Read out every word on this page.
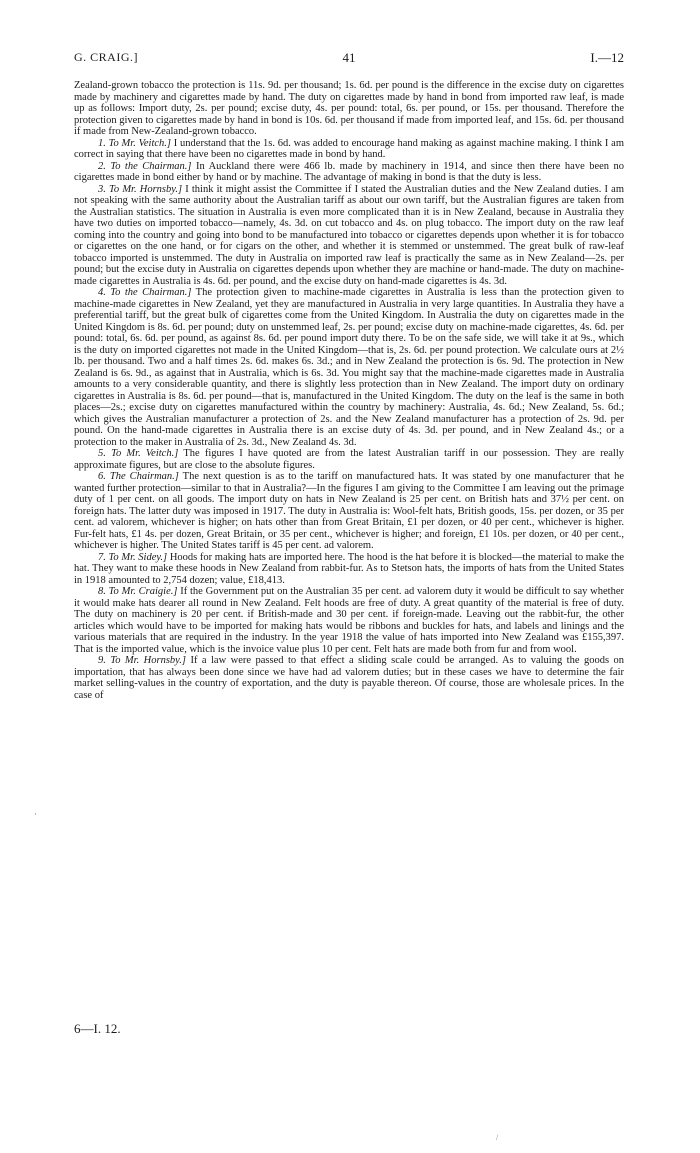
G. CRAIG.]	41	I.—12

Zealand-grown tobacco the protection is 11s. 9d. per thousand; 1s. 6d. per pound is the difference in the excise duty on cigarettes made by machinery and cigarettes made by hand. The duty on cigarettes made by hand in bond from imported raw leaf, is made up as follows: Import duty, 2s. per pound; excise duty, 4s. per pound: total, 6s. per pound, or 15s. per thousand. Therefore the protection given to cigarettes made by hand in bond is 10s. 6d. per thousand if made from imported leaf, and 15s. 6d. per thousand if made from New-Zealand-grown tobacco.

1. To Mr. Veitch.] I understand that the 1s. 6d. was added to encourage hand making as against machine making. I think I am correct in saying that there have been no cigarettes made in bond by hand.

2. To the Chairman.] In Auckland there were 466 lb. made by machinery in 1914, and since then there have been no cigarettes made in bond either by hand or by machine. The advantage of making in bond is that the duty is less.

3. To Mr. Hornsby.] I think it might assist the Committee if I stated the Australian duties and the New Zealand duties. I am not speaking with the same authority about the Australian tariff as about our own tariff, but the Australian figures are taken from the Australian statistics. The situation in Australia is even more complicated than it is in New Zealand, because in Australia they have two duties on imported tobacco—namely, 4s. 3d. on cut tobacco and 4s. on plug tobacco. The import duty on the raw leaf coming into the country and going into bond to be manufactured into tobacco or cigarettes depends upon whether it is for tobacco or cigarettes on the one hand, or for cigars on the other, and whether it is stemmed or unstemmed. The great bulk of raw-leaf tobacco imported is unstemmed. The duty in Australia on imported raw leaf is practically the same as in New Zealand—2s. per pound; but the excise duty in Australia on cigarettes depends upon whether they are machine or hand-made. The duty on machine-made cigarettes in Australia is 4s. 6d. per pound, and the excise duty on hand-made cigarettes is 4s. 3d.

4. To the Chairman.] The protection given to machine-made cigarettes in Australia is less than the protection given to machine-made cigarettes in New Zealand, yet they are manufactured in Australia in very large quantities. In Australia they have a preferential tariff, but the great bulk of cigarettes come from the United Kingdom. In Australia the duty on cigarettes made in the United Kingdom is 8s. 6d. per pound; duty on unstemmed leaf, 2s. per pound; excise duty on machine-made cigarettes, 4s. 6d. per pound: total, 6s. 6d. per pound, as against 8s. 6d. per pound import duty there. To be on the safe side, we will take it at 9s., which is the duty on imported cigarettes not made in the United Kingdom—that is, 2s. 6d. per pound protection. We calculate ours at 2½ lb. per thousand. Two and a half times 2s. 6d. makes 6s. 3d.; and in New Zealand the protection is 6s. 9d. The protection in New Zealand is 6s. 9d., as against that in Australia, which is 6s. 3d. You might say that the machine-made cigarettes made in Australia amounts to a very considerable quantity, and there is slightly less protection than in New Zealand. The import duty on ordinary cigarettes in Australia is 8s. 6d. per pound—that is, manufactured in the United Kingdom. The duty on the leaf is the same in both places—2s.; excise duty on cigarettes manufactured within the country by machinery: Australia, 4s. 6d.; New Zealand, 5s. 6d.; which gives the Australian manufacturer a protection of 2s. and the New Zealand manufacturer has a protection of 2s. 9d. per pound. On the hand-made cigarettes in Australia there is an excise duty of 4s. 3d. per pound, and in New Zealand 4s.; or a protection to the maker in Australia of 2s. 3d., New Zealand 4s. 3d.

5. To Mr. Veitch.] The figures I have quoted are from the latest Australian tariff in our possession. They are really approximate figures, but are close to the absolute figures.

6. The Chairman.] The next question is as to the tariff on manufactured hats. It was stated by one manufacturer that he wanted further protection—similar to that in Australia?—In the figures I am giving to the Committee I am leaving out the primage duty of 1 per cent. on all goods. The import duty on hats in New Zealand is 25 per cent. on British hats and 37½ per cent. on foreign hats. The latter duty was imposed in 1917. The duty in Australia is: Wool-felt hats, British goods, 15s. per dozen, or 35 per cent. ad valorem, whichever is higher; on hats other than from Great Britain, £1 per dozen, or 40 per cent., whichever is higher. Fur-felt hats, £1 4s. per dozen, Great Britain, or 35 per cent., whichever is higher; and foreign, £1 10s. per dozen, or 40 per cent., whichever is higher. The United States tariff is 45 per cent. ad valorem.

7. To Mr. Sidey.] Hoods for making hats are imported here. The hood is the hat before it is blocked—the material to make the hat. They want to make these hoods in New Zealand from rabbit-fur. As to Stetson hats, the imports of hats from the United States in 1918 amounted to 2,754 dozen; value, £18,413.

8. To Mr. Craigie.] If the Government put on the Australian 35 per cent. ad valorem duty it would be difficult to say whether it would make hats dearer all round in New Zealand. Felt hoods are free of duty. A great quantity of the material is free of duty. The duty on machinery is 20 per cent. if British-made and 30 per cent. if foreign-made. Leaving out the rabbit-fur, the other articles which would have to be imported for making hats would be ribbons and buckles for hats, and labels and linings and the various materials that are required in the industry. In the year 1918 the value of hats imported into New Zealand was £155,397. That is the imported value, which is the invoice value plus 10 per cent. Felt hats are made both from fur and from wool.

9. To Mr. Hornsby.] If a law were passed to that effect a sliding scale could be arranged. As to valuing the goods on importation, that has always been done since we have had ad valorem duties; but in these cases we have to determine the fair market selling-values in the country of exportation, and the duty is payable thereon. Of course, those are wholesale prices. In the case of

6—I. 12.
·
/
